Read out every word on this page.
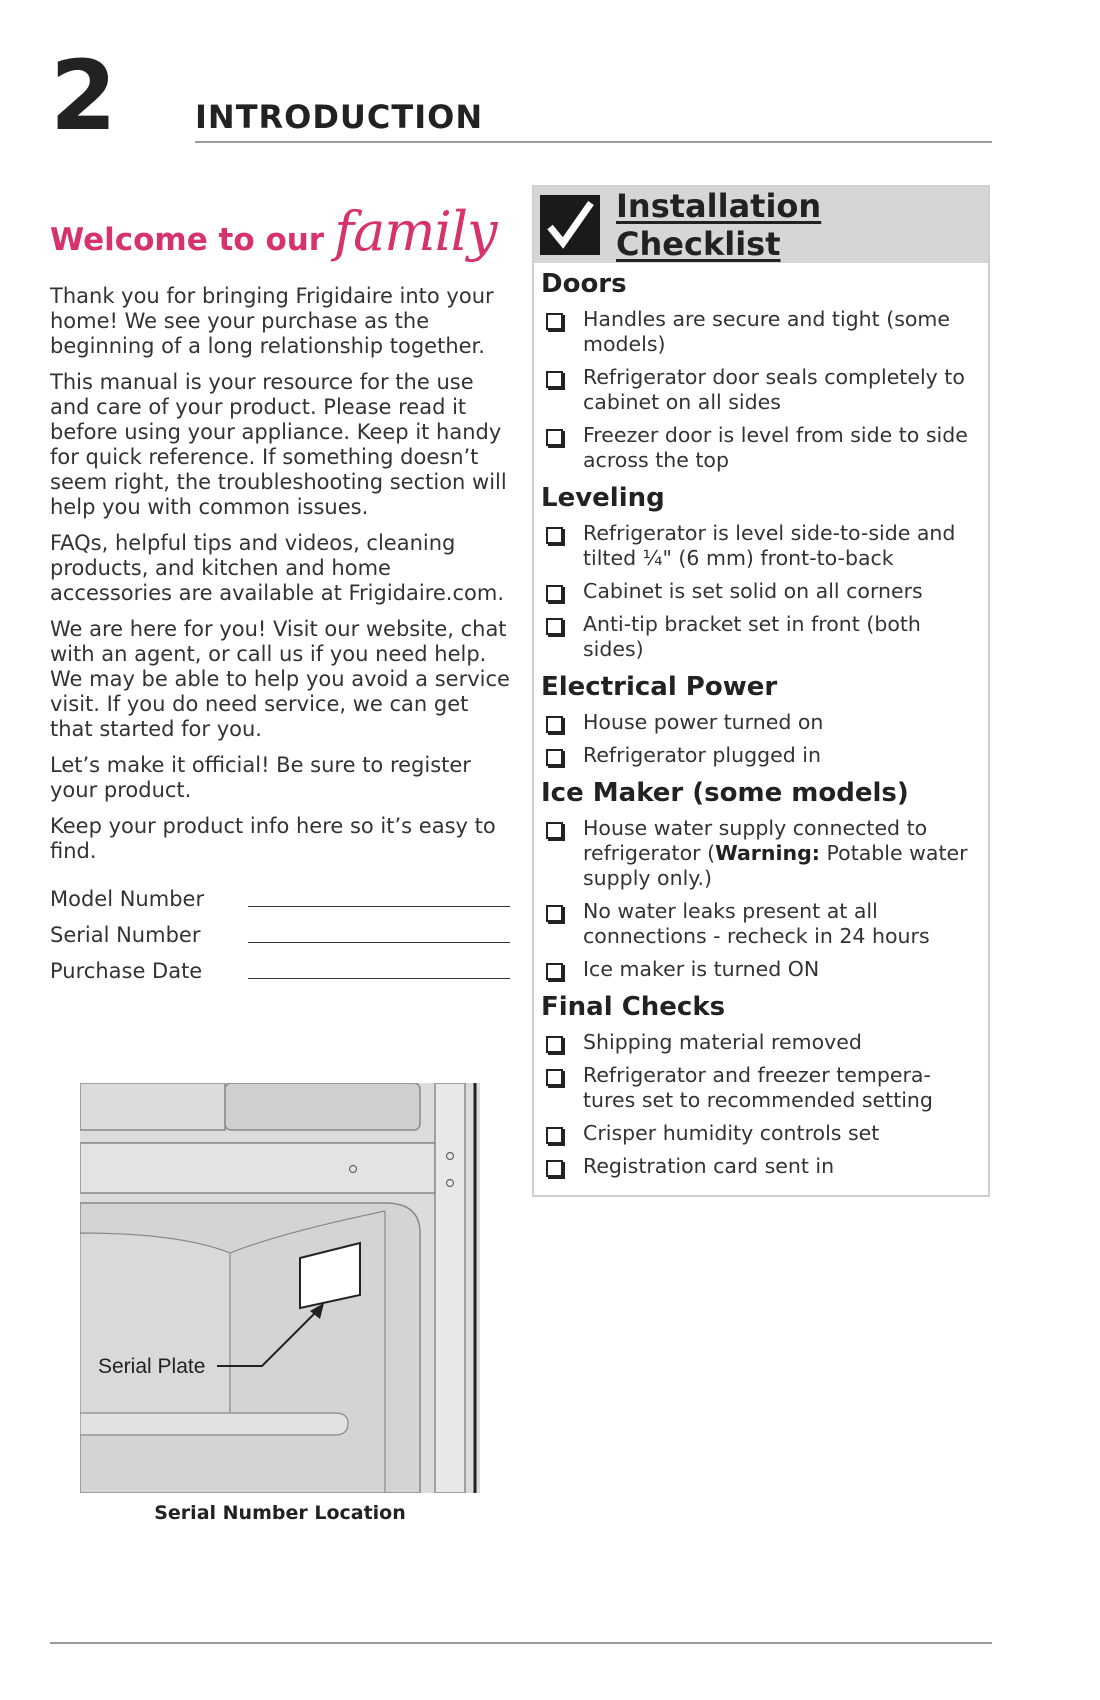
2 INTRODUCTION
Welcome to our family

Thank you for bringing Frigidaire into your home! We see your purchase as the beginning of a long relationship together.

This manual is your resource for the use and care of your product. Please read it before using your appliance. Keep it handy for quick reference. If something doesn’t seem right, the troubleshooting section will help you with common issues.

FAQs, helpful tips and videos, cleaning products, and kitchen and home accessories are available at Frigidaire.com.

We are here for you! Visit our website, chat with an agent, or call us if you need help. We may be able to help you avoid a service visit. If you do need service, we can get that started for you.

Let’s make it official! Be sure to register your product.

Keep your product info here so it’s easy to find.

Model Number
Serial Number
Purchase Date
Serial Plate
Serial Number Location
Installation Checklist
Doors
Handles are secure and tight (some models)
Refrigerator door seals completely to cabinet on all sides
Freezer door is level from side to side across the top
Leveling
Refrigerator is level side-to-side and tilted ¼" (6 mm) front-to-back
Cabinet is set solid on all corners
Anti-tip bracket set in front (both sides)
Electrical Power
House power turned on
Refrigerator plugged in
Ice Maker (some models)
House water supply connected to refrigerator (Warning: Potable water supply only.)
No water leaks present at all connections - recheck in 24 hours
Ice maker is turned ON
Final Checks
Shipping material removed
Refrigerator and freezer tempera-tures set to recommended setting
Crisper humidity controls set
Registration card sent in
